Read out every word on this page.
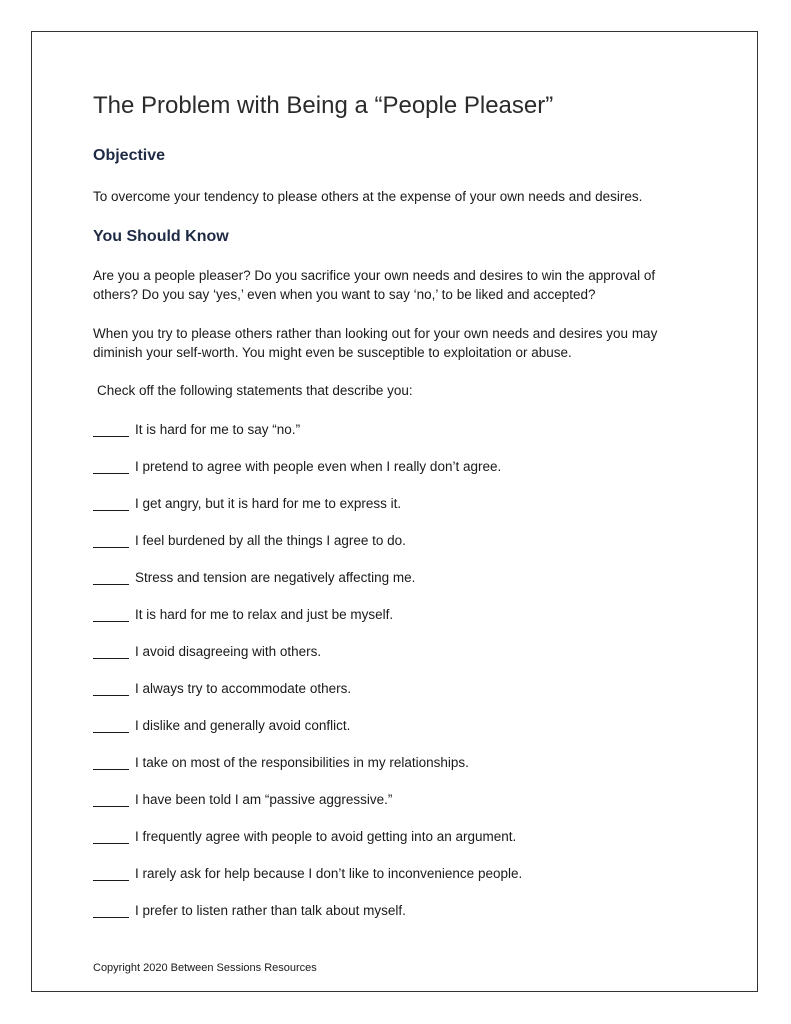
The Problem with Being a “People Pleaser”
Objective

To overcome your tendency to please others at the expense of your own needs and desires.

You Should Know
Are you a people pleaser? Do you sacrifice your own needs and desires to win the approval of
others? Do you say ‘yes,’ even when you want to say ‘no,’ to be liked and accepted?
When you try to please others rather than looking out for your own needs and desires you may
diminish your self-worth. You might even be susceptible to exploitation or abuse.

Check off the following statements that describe you:

It is hard for me to say “no.”
I pretend to agree with people even when I really don’t agree.
I get angry, but it is hard for me to express it.
I feel burdened by all the things I agree to do.
Stress and tension are negatively affecting me.
It is hard for me to relax and just be myself.
I avoid disagreeing with others.
I always try to accommodate others.
I dislike and generally avoid conflict.
I take on most of the responsibilities in my relationships.
I have been told I am “passive aggressive.”
I frequently agree with people to avoid getting into an argument.
I rarely ask for help because I don’t like to inconvenience people.
I prefer to listen rather than talk about myself.

Copyright 2020 Between Sessions Resources
